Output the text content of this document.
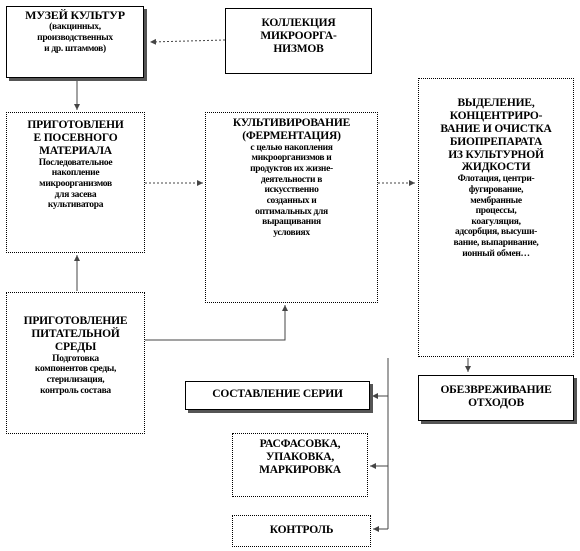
МУЗЕЙ КУЛЬТУР
(вакцинных,
производственных
и др. штаммов)
КОЛЛЕКЦИЯ
МИКРООРГА-
НИЗМОВ
ПРИГОТОВЛЕНИ
Е ПОСЕВНОГО
МАТЕРИАЛА
Последовательное
накопление
микроорганизмов
для засева
культиватора
КУЛЬТИВИРОВАНИЕ
(ФЕРМЕНТАЦИЯ)
с целью накопления
микроорганизмов и
продуктов их жизне-
деятельности в
искусственно
созданных и
оптимальных для
выращивания
условиях
ВЫДЕЛЕНИЕ,
КОНЦЕНТРИРО-
ВАНИЕ И ОЧИСТКА
БИОПРЕПАРАТА
ИЗ КУЛЬТУРНОЙ
ЖИДКОСТИ
Флотация, центри-
фугирование,
мембранные
процессы,
коагуляция,
адсорбция, высуши-
вание, выпаривание,
ионный обмен…
ПРИГОТОВЛЕНИЕ
ПИТАТЕЛЬНОЙ
СРЕДЫ
Подготовка
компонентов среды,
стерилизация,
контроль состава	СОСТАВЛЕНИЕ СЕРИИ	ОБЕЗВРЕЖИВАНИЕ
ОТХОДОВ
РАСФАСОВКА,
УПАКОВКА,
МАРКИРОВКА
КОНТРОЛЬ
